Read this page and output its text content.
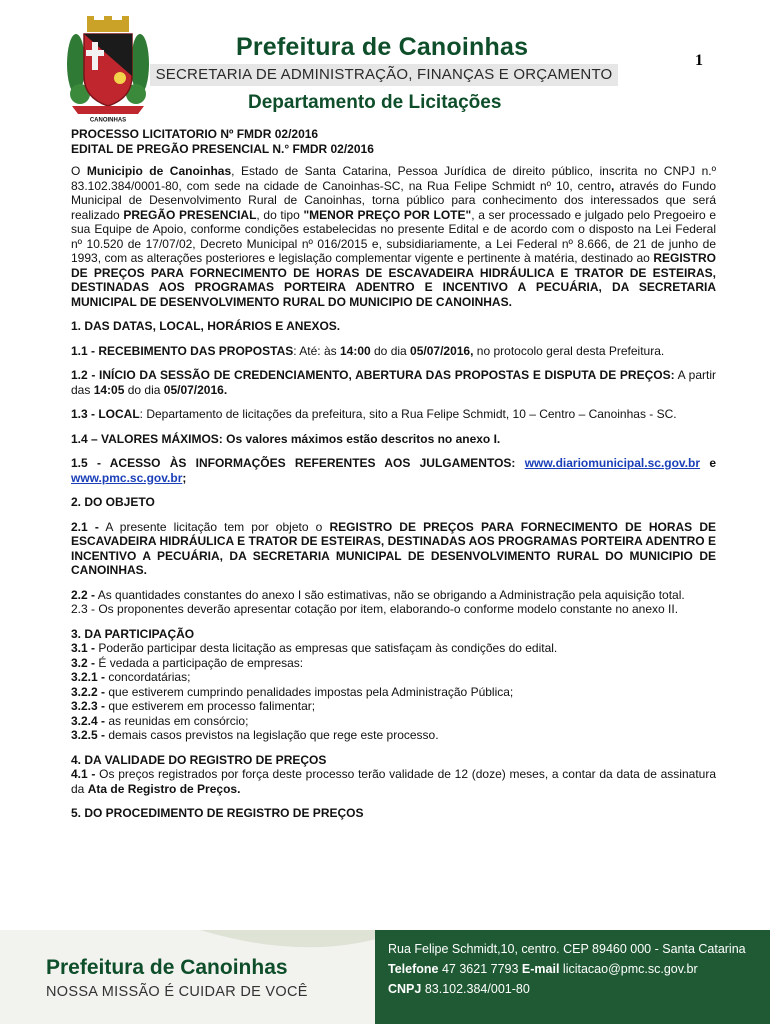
CANOINHAS
Prefeitura de Canoinhas
SECRETARIA DE ADMINISTRAÇÃO, FINANÇAS E ORÇAMENTO
Departamento de Licitações
1

PROCESSO LICITATORIO Nº FMDR 02/2016

EDITAL DE PREGÃO PRESENCIAL N.° FMDR 02/2016

O Municipio de Canoinhas, Estado de Santa Catarina, Pessoa Jurídica de direito público, inscrita no CNPJ n.º 83.102.384/0001-80, com sede na cidade de Canoinhas-SC, na Rua Felipe Schmidt nº 10, centro, através do Fundo Municipal de Desenvolvimento Rural de Canoinhas, torna público para conhecimento dos interessados que será realizado PREGÃO PRESENCIAL, do tipo "MENOR PREÇO POR LOTE", a ser processado e julgado pelo Pregoeiro e sua Equipe de Apoio, conforme condições estabelecidas no presente Edital e de acordo com o disposto na Lei Federal nº 10.520 de 17/07/02, Decreto Municipal nº 016/2015 e, subsidiariamente, a Lei Federal nº 8.666, de 21 de junho de 1993, com as alterações posteriores e legislação complementar vigente e pertinente à matéria, destinado ao REGISTRO DE PREÇOS PARA FORNECIMENTO DE HORAS DE ESCAVADEIRA HIDRÁULICA E TRATOR DE ESTEIRAS, DESTINADAS AOS PROGRAMAS PORTEIRA ADENTRO E INCENTIVO A PECUÁRIA, DA SECRETARIA MUNICIPAL DE DESENVOLVIMENTO RURAL DO MUNICIPIO DE CANOINHAS.

1. DAS DATAS, LOCAL, HORÁRIOS E ANEXOS.

1.1 - RECEBIMENTO DAS PROPOSTAS: Até: às 14:00 do dia 05/07/2016, no protocolo geral desta Prefeitura.

1.2 - INÍCIO DA SESSÃO DE CREDENCIAMENTO, ABERTURA DAS PROPOSTAS E DISPUTA DE PREÇOS: A partir das 14:05 do dia 05/07/2016.

1.3 - LOCAL: Departamento de licitações da prefeitura, sito a Rua Felipe Schmidt, 10 – Centro – Canoinhas - SC.

1.4 – VALORES MÁXIMOS: Os valores máximos estão descritos no anexo I.

1.5 - ACESSO ÀS INFORMAÇÕES REFERENTES AOS JULGAMENTOS: www.diariomunicipal.sc.gov.br e www.pmc.sc.gov.br;

2. DO OBJETO

2.1 - A presente licitação tem por objeto o REGISTRO DE PREÇOS PARA FORNECIMENTO DE HORAS DE ESCAVADEIRA HIDRÁULICA E TRATOR DE ESTEIRAS, DESTINADAS AOS PROGRAMAS PORTEIRA ADENTRO E INCENTIVO A PECUÁRIA, DA SECRETARIA MUNICIPAL DE DESENVOLVIMENTO RURAL DO MUNICIPIO DE CANOINHAS.

2.2 - As quantidades constantes do anexo I são estimativas, não se obrigando a Administração pela aquisição total.

2.3 - Os proponentes deverão apresentar cotação por item, elaborando-o conforme modelo constante no anexo II.

3. DA PARTICIPAÇÃO

3.1 - Poderão participar desta licitação as empresas que satisfaçam às condições do edital.

3.2 - É vedada a participação de empresas:

3.2.1 - concordatárias;

3.2.2 - que estiverem cumprindo penalidades impostas pela Administração Pública;

3.2.3 - que estiverem em processo falimentar;

3.2.4 - as reunidas em consórcio;

3.2.5 - demais casos previstos na legislação que rege este processo.

4. DA VALIDADE DO REGISTRO DE PREÇOS

4.1 - Os preços registrados por força deste processo terão validade de 12 (doze) meses, a contar da data de assinatura da Ata de Registro de Preços.

5. DO PROCEDIMENTO DE REGISTRO DE PREÇOS

Prefeitura de Canoinhas
NOSSA MISSÃO É CUIDAR DE VOCÊ
Rua Felipe Schmidt,10, centro. CEP 89460 000 - Santa Catarina
Telefone 47 3621 7793 E-mail licitacao@pmc.sc.gov.br
CNPJ 83.102.384/001-80
